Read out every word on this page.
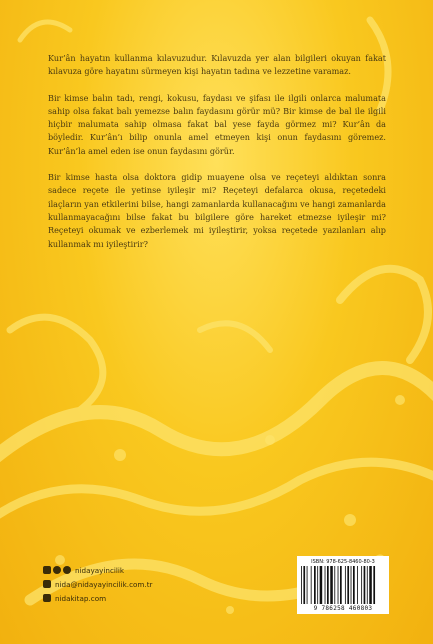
Kur’ân hayatın kullanma kılavuzudur. Kılavuzda yer alan bilgileri okuyan fakat kılavuza göre hayatını sürmeyen kişi hayatın tadına ve lezzetine varamaz.

Bir kimse balın tadı, rengi, kokusu, faydası ve şifası ile ilgili onlarca malumata sahip olsa fakat balı yemezse balın faydasını görür mü? Bir kimse de bal ile ilgili hiçbir malumata sahip olmasa fakat bal yese fayda görmez mi? Kur’ân da böyledir. Kur’ân’ı bilip onunla amel etmeyen kişi onun faydasını göremez. Kur’ân’la amel eden ise onun faydasını görür.

Bir kimse hasta olsa doktora gidip muayene olsa ve reçeteyi aldıktan sonra sadece reçete ile yetinse iyileşir mi? Reçeteyi defalarca okusa, reçetedeki ilaçların yan etkilerini bilse, hangi zamanlarda kullanacağını ve hangi zamanlarda kullanmayacağını bilse fakat bu bilgilere göre hareket etmezse iyileşir mi? Reçeteyi okumak ve ezberlemek mi iyileştirir, yoksa reçetede yazılanları alıp kullanmak mı iyileştirir?

nidayayincilik
nida@nidayayincilik.com.tr
nidakitap.com
ISBN: 978-625-8460-80-3
9 786258 460803
